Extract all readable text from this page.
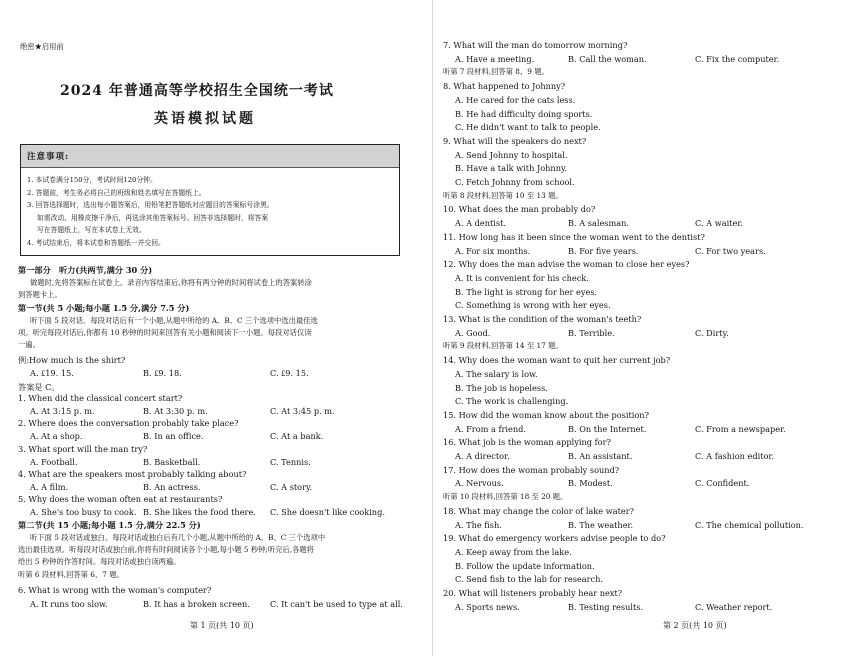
绝密★启用前
2024 年普通高等学校招生全国统一考试
英语模拟试题
注意事项:
1. 本试卷满分150分，考试时间120分钟。
2. 答题前，考生务必将自己的班级和姓名填写在答题纸上。
3. 回答选择题时，选出每小题答案后，用铅笔把答题纸对应题目的答案标号涂黑。
如需改动，用橡皮擦干净后，再选涂其他答案标号。回答非选择题时，将答案
写在答题纸上，写在本试卷上无效。
4. 考试结束后，将本试卷和答题纸一并交回。
第一部分　听力(共两节,满分 30 分)
做题时,先将答案标在试卷上。录音内容结束后,你将有两分钟的时间将试卷上的答案转涂
到答题卡上。
第一节(共 5 小题;每小题 1.5 分,满分 7.5 分)
听下面 5 段对话。每段对话后有一个小题,从题中所给的 A、B、C 三个选项中选出最佳选
项。听完每段对话后,你都有 10 秒钟的时间来回答有关小题和阅读下一小题。每段对话仅读
一遍。
例:How much is the shirt?
A. ₤19. 15.	B. ₤9. 18.	C. ₤9. 15.
答案是 C。
1. When did the classical concert start?
A. At 3:15 p. m.	B. At 3:30 p. m.	C. At 3:45 p. m.
2. Where does the conversation probably take place?
A. At a shop.	B. In an office.	C. At a bank.
3. What sport will the man try?
A. Football.	B. Basketball.	C. Tennis.
4. What are the speakers most probably talking about?
A. A film.	B. An actress.	C. A story.
5. Why does the woman often eat at restaurants?
A. She's too busy to cook. B. She likes the food there. C. She doesn't like cooking.
第二节(共 15 小题;每小题 1.5 分,满分 22.5 分)
听下面 5 段对话或独白。每段对话或独白后有几个小题,从题中所给的 A、B、C 三个选项中
选出最佳选项。听每段对话或独白前,你将有时间阅读各个小题,每小题 5 秒钟;听完后,各题将
给出 5 秒钟的作答时间。每段对话或独白读两遍。
听第 6 段材料,回答第 6、7 题。
6. What is wrong with the woman's computer?
A. It runs too slow.	B. It has a broken screen. C. It can't be used to type at all.
第 1 页(共 10 页)
7. What will the man do tomorrow morning?
A. Have a meeting.	B. Call the woman.	C. Fix the computer.
听第 7 段材料,回答第 8、9 题。
8. What happened to Johnny?
A. He cared for the cats less.
B. He had difficulty doing sports.
C. He didn't want to talk to people.
9. What will the speakers do next?
A. Send Johnny to hospital.
B. Have a talk with Johnny.
C. Fetch Johnny from school.
听第 8 段材料,回答第 10 至 13 题。
10. What does the man probably do?
A. A dentist.	B. A salesman.	C. A waiter.
11. How long has it been since the woman went to the dentist?
A. For six months.	B. For five years.	C. For two years.
12. Why does the man advise the woman to close her eyes?
A. It is convenient for his check.
B. The light is strong for her eyes.
C. Something is wrong with her eyes.
13. What is the condition of the woman's teeth?
A. Good.	B. Terrible.	C. Dirty.
听第 9 段材料,回答第 14 至 17 题。
14. Why does the woman want to quit her current job?
A. The salary is low.
B. The job is hopeless.
C. The work is challenging.
15. How did the woman know about the position?
A. From a friend.	B. On the Internet.	C. From a newspaper.
16. What job is the woman applying for?
A. A director.	B. An assistant.	C. A fashion editor.
17. How does the woman probably sound?
A. Nervous.	B. Modest.	C. Confident.
听第 10 段材料,回答第 18 至 20 题。
18. What may change the color of lake water?
A. The fish.	B. The weather.	C. The chemical pollution.
19. What do emergency workers advise people to do?
A. Keep away from the lake.
B. Follow the update information.
C. Send fish to the lab for research.
20. What will listeners probably hear next?
A. Sports news.	B. Testing results.	C. Weather report.
第 2 页(共 10 页)
